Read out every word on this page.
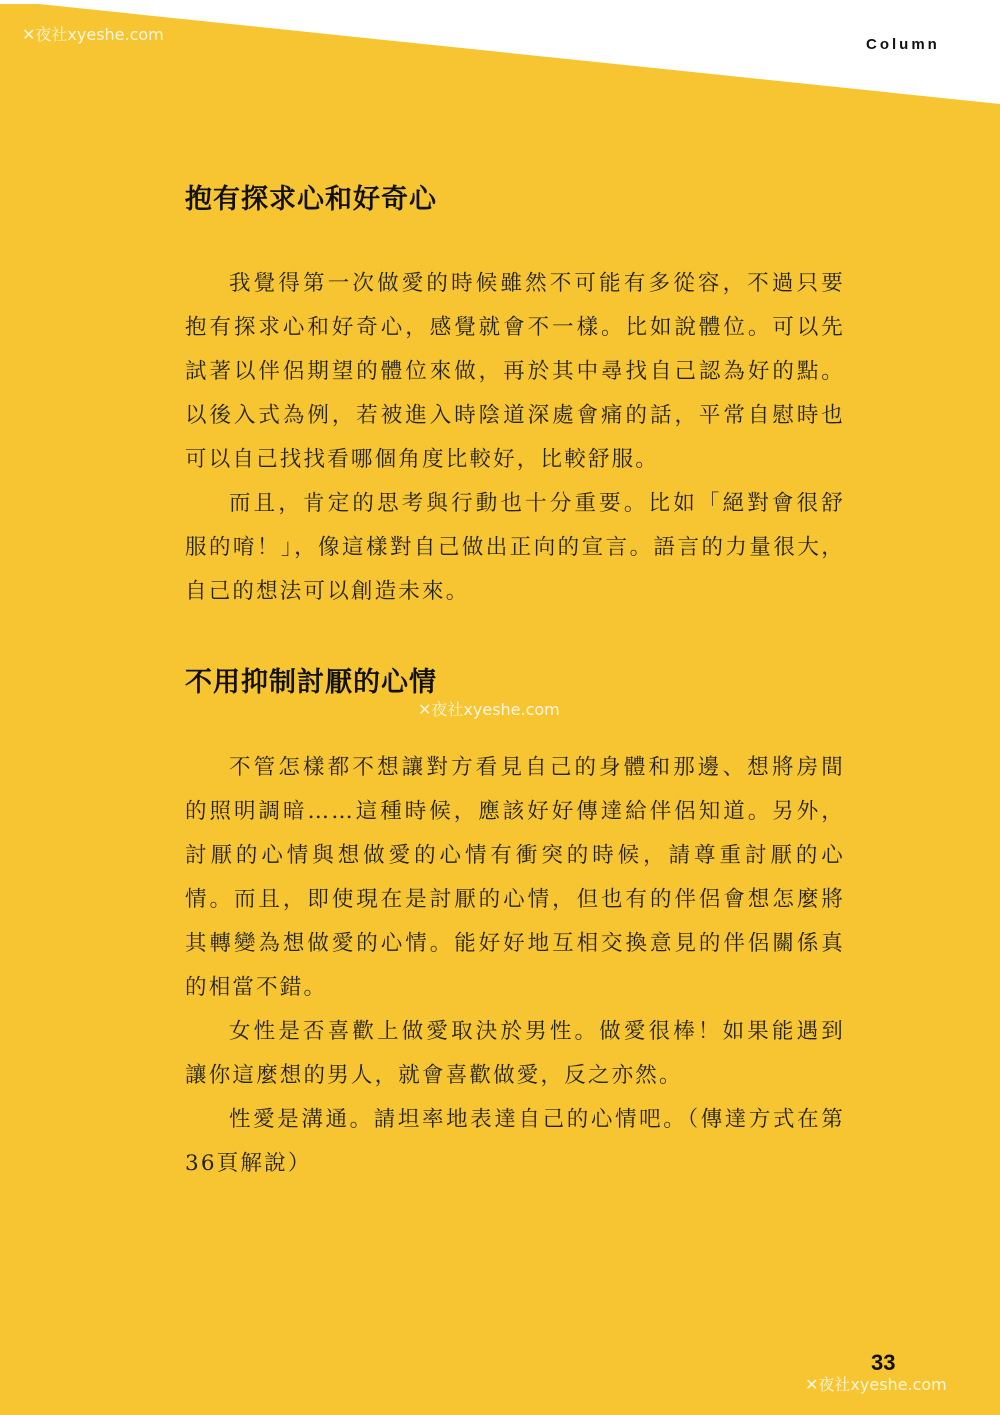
Column
✕夜社xyeshe.com
抱有探求心和好奇心

我覺得第一次做愛的時候雖然不可能有多從容，不過只要抱有探求心和好奇心，感覺就會不一樣。比如說體位。可以先試著以伴侶期望的體位來做，再於其中尋找自己認為好的點。以後入式為例，若被進入時陰道深處會痛的話，平常自慰時也可以自己找找看哪個角度比較好，比較舒服。

而且，肯定的思考與行動也十分重要。比如「絕對會很舒服的唷！」，像這樣對自己做出正向的宣言。語言的力量很大，自己的想法可以創造未來。

不用抑制討厭的心情
✕夜社xyeshe.com

不管怎樣都不想讓對方看見自己的身體和那邊、想將房間的照明調暗……這種時候，應該好好傳達給伴侶知道。另外，討厭的心情與想做愛的心情有衝突的時候，請尊重討厭的心情。而且，即使現在是討厭的心情，但也有的伴侶會想怎麼將其轉變為想做愛的心情。能好好地互相交換意見的伴侶關係真的相當不錯。

女性是否喜歡上做愛取決於男性。做愛很棒！如果能遇到讓你這麼想的男人，就會喜歡做愛，反之亦然。

性愛是溝通。請坦率地表達自己的心情吧。（傳達方式在第36頁解說）

33
✕夜社xyeshe.com
